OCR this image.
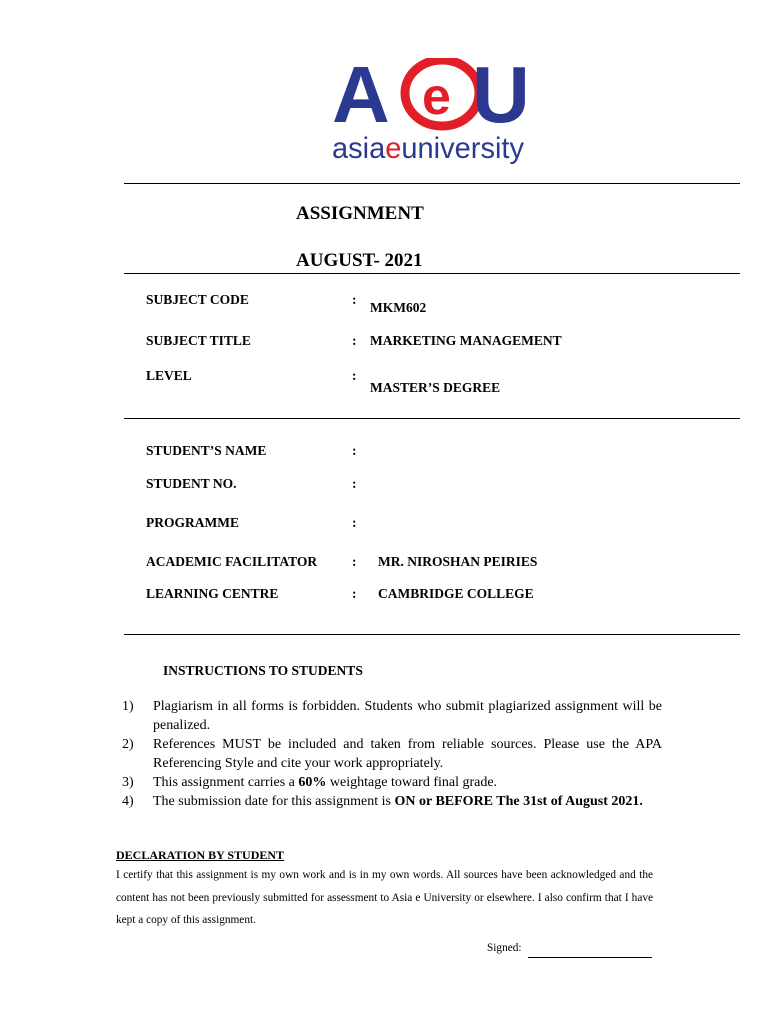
A e U
asiaeuniversity
ASSIGNMENT
AUGUST- 2021
SUBJECT CODE	:
MKM602
SUBJECT TITLE	: MARKETING MANAGEMENT
LEVEL	:
MASTER’S DEGREE
STUDENT’S NAME	:
STUDENT NO.	:
PROGRAMME	:
ACADEMIC FACILITATOR	: MR. NIROSHAN PEIRIES
LEARNING CENTRE	: CAMBRIDGE COLLEGE
INSTRUCTIONS TO STUDENTS
1) Plagiarism in all forms is forbidden. Students who submit plagiarized assignment will be penalized.
2) References MUST be included and taken from reliable sources. Please use the APA Referencing Style and cite your work appropriately.
3) This assignment carries a 60% weightage toward final grade.
4) The submission date for this assignment is ON or BEFORE The 31st of August 2021.
DECLARATION BY STUDENT
I certify that this assignment is my own work and is in my own words. All sources have been acknowledged and the content has not been previously submitted for assessment to Asia e University or elsewhere. I also confirm that I have kept a copy of this assignment.
Signed:
